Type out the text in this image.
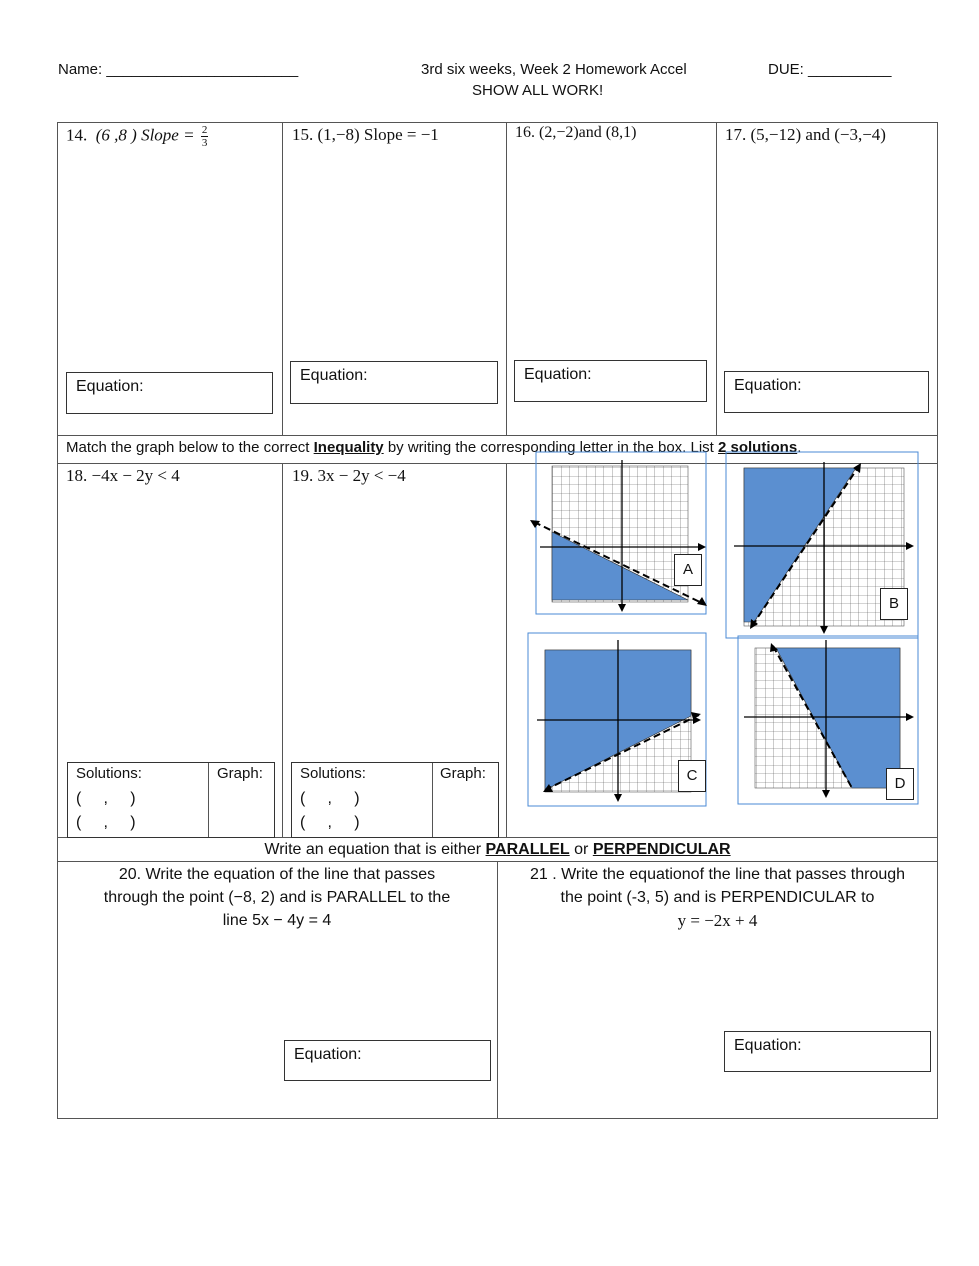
Name: _______________________	3rd six weeks, Week 2 Homework Accel	DUE: __________
SHOW ALL WORK!
14. (6 ,8 ) Slope = $\frac{2}{3}$	15. (1,−8) Slope = −1	16. (2,−2)and (8,1)	17. (5,−12) and (−3,−4)
Equation:
Equation:	Equation:
Equation:
Match the graph below to the correct Inequality by writing the corresponding letter in the box. List 2 solutions.
18. −4x − 2y < 4	19. 3x − 2y < −4
Solutions:	Graph:
(     ,     )
(     ,     )
Solutions:	Graph:
(     ,     )
(     ,     )
A
B
C	D
Write an equation that is either PARALLEL or PERPENDICULAR
20. Write the equation of the line that passes
through the point (−8, 2) and is PARALLEL to the
line 5x − 4y = 4
21 . Write the equationof the line that passes through
the point (-3, 5) and is PERPENDICULAR to
y = −2x + 4
Equation:
Equation:
